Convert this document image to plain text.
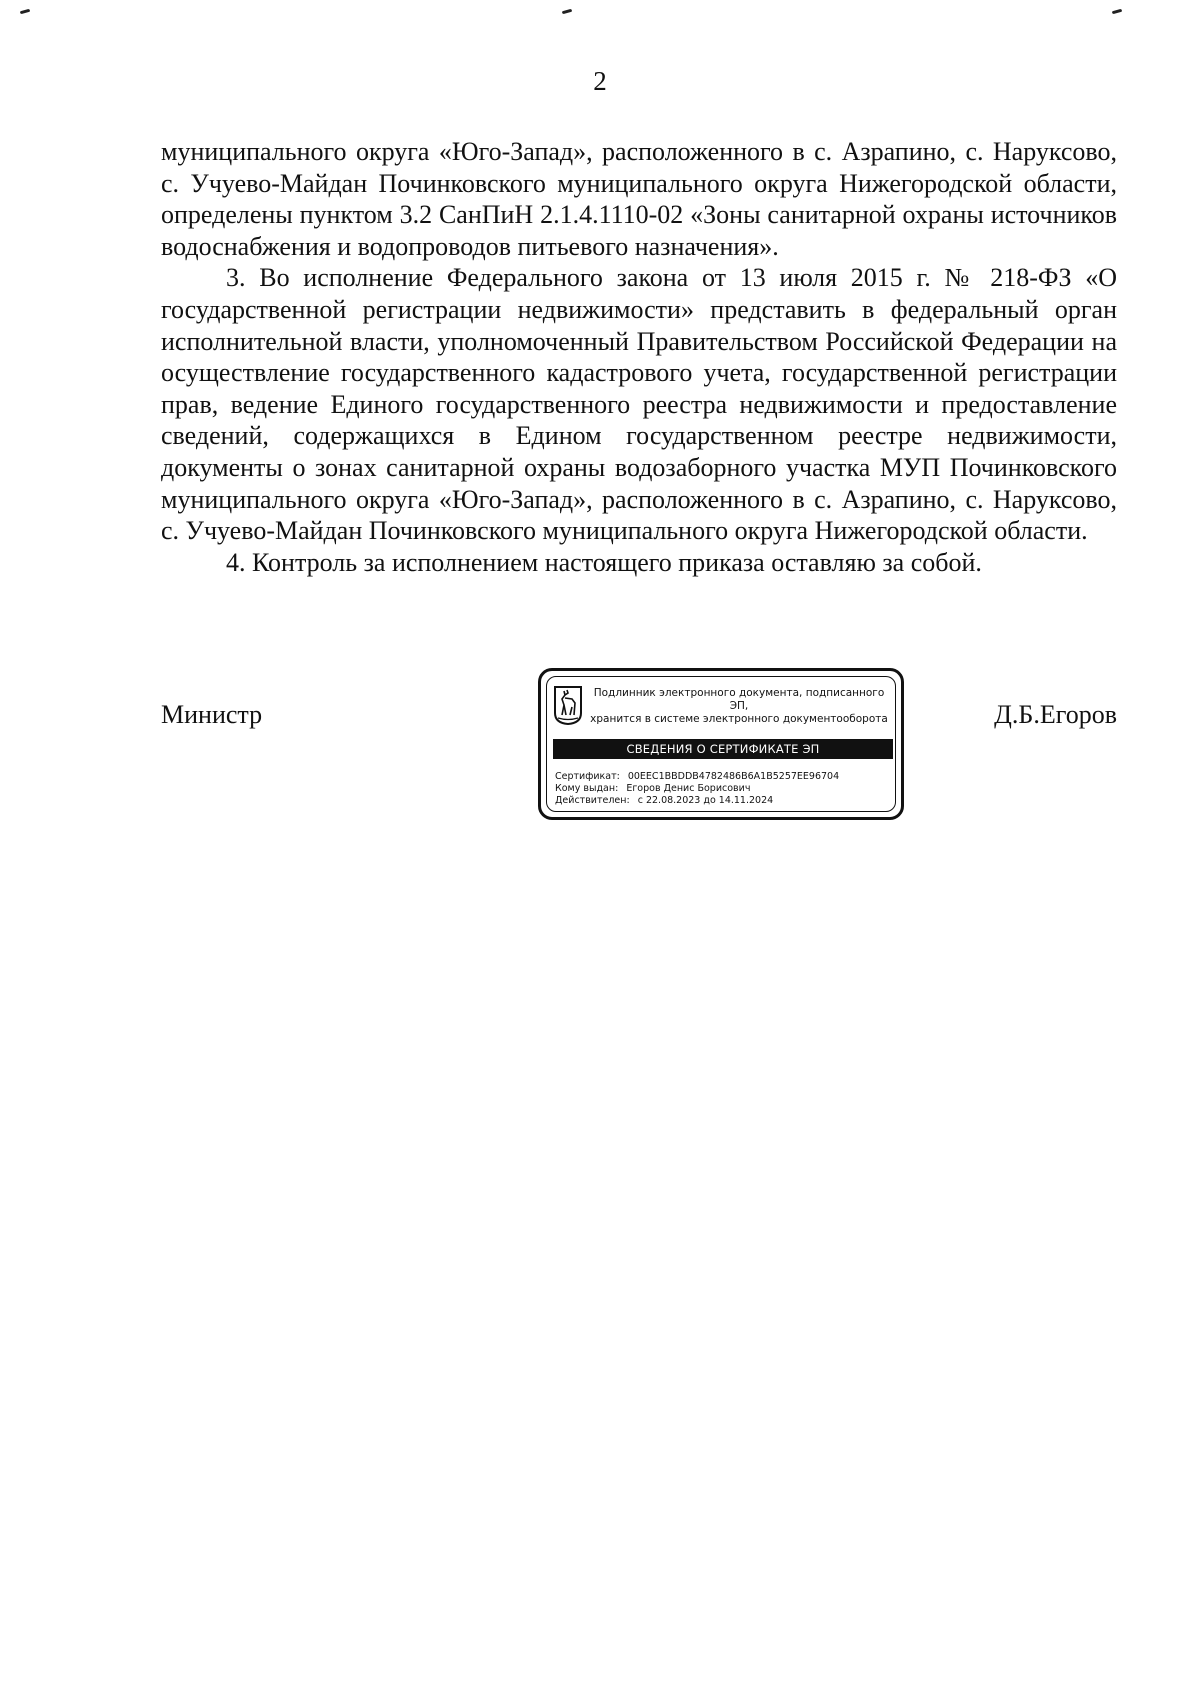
2

муниципального округа «Юго-Запад», расположенного в с. Азрапино, с. Наруксово, с. Учуево-Майдан Починковского муниципального округа Нижегородской области, определены пунктом 3.2 СанПиН 2.1.4.1110-02 «Зоны санитарной охраны источников водоснабжения и водопроводов питьевого назначения».

3. Во исполнение Федерального закона от 13 июля 2015 г. № 218-ФЗ «О государственной регистрации недвижимости» представить в федеральный орган исполнительной власти, уполномоченный Правительством Российской Федерации на осуществление государственного кадастрового учета, государственной регистрации прав, ведение Единого государственного реестра недвижимости и предоставление сведений, содержащихся в Едином государственном реестре недвижимости, документы о зонах санитарной охраны водозаборного участка МУП Починковского муниципального округа «Юго-Запад», расположенного в с. Азрапино, с. Наруксово, с. Учуево-Майдан Починковского муниципального округа Нижегородской области.

4. Контроль за исполнением настоящего приказа оставляю за собой.

Министр	Д.Б.Егоров
Подлинник электронного документа, подписанного ЭП,
хранится в системе электронного документооборота
СВЕДЕНИЯ О СЕРТИФИКАТЕ ЭП
Сертификат: 00EEC1BBDDB4782486B6A1B5257EE96704
Кому выдан: Егоров Денис Борисович
Действителен: с 22.08.2023 до 14.11.2024
